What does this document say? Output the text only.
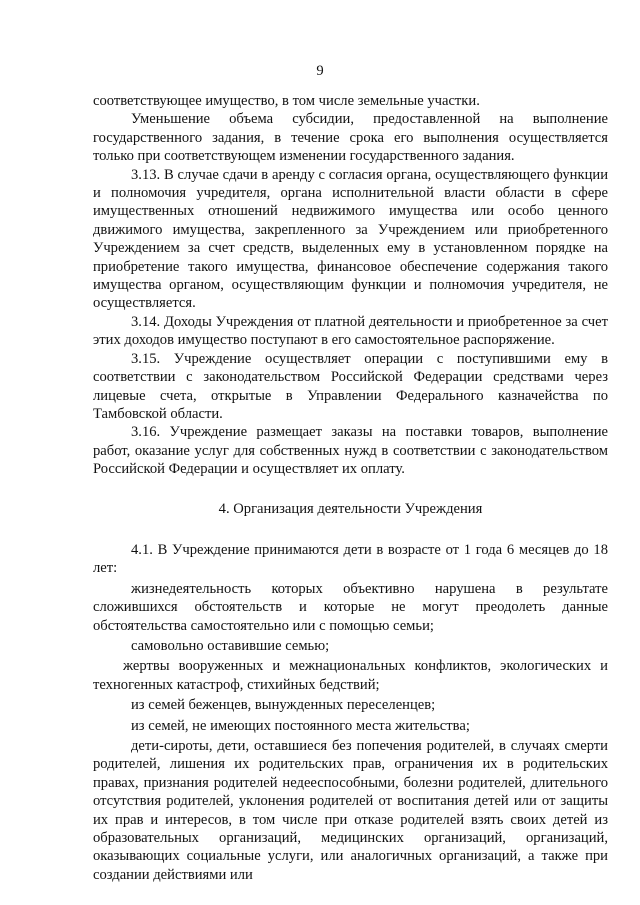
9

соответствующее имущество, в том числе земельные участки.

Уменьшение объема субсидии, предоставленной на выполнение государственного задания, в течение срока его выполнения осуществляется только при соответствующем изменении государственного задания.

3.13. В случае сдачи в аренду с согласия органа, осуществляющего функции и полномочия учредителя, органа исполнительной власти области в сфере имущественных отношений недвижимого имущества или особо ценного движимого имущества, закрепленного за Учреждением или приобретенного Учреждением за счет средств, выделенных ему в установленном порядке на приобретение такого имущества, финансовое обеспечение содержания такого имущества органом, осуществляющим функции и полномочия учредителя, не осуществляется.

3.14. Доходы Учреждения от платной деятельности и приобретенное за счет этих доходов имущество поступают в его самостоятельное распоряжение.

3.15. Учреждение осуществляет операции с поступившими ему в соответствии с законодательством Российской Федерации средствами через лицевые счета, открытые в Управлении Федерального казначейства по Тамбовской области.

3.16. Учреждение размещает заказы на поставки товаров, выполнение работ, оказание услуг для собственных нужд в соответствии с законодательством Российской Федерации и осуществляет их оплату.

4. Организация деятельности Учреждения

4.1. В Учреждение принимаются дети в возрасте от 1 года 6 месяцев до 18 лет:

жизнедеятельность которых объективно нарушена в результате сложившихся обстоятельств и которые не могут преодолеть данные обстоятельства самостоятельно или с помощью семьи;

самовольно оставившие семью;

жертвы вооруженных и межнациональных конфликтов, экологических и техногенных катастроф, стихийных бедствий;

из семей беженцев, вынужденных переселенцев;

из семей, не имеющих постоянного места жительства;

дети-сироты, дети, оставшиеся без попечения родителей, в случаях смерти родителей, лишения их родительских прав, ограничения их в родительских правах, признания родителей недееспособными, болезни родителей, длительного отсутствия родителей, уклонения родителей от воспитания детей или от защиты их прав и интересов, в том числе при отказе родителей взять своих детей из образовательных организаций, медицинских организаций, организаций, оказывающих социальные услуги, или аналогичных организаций, а также при создании действиями или
